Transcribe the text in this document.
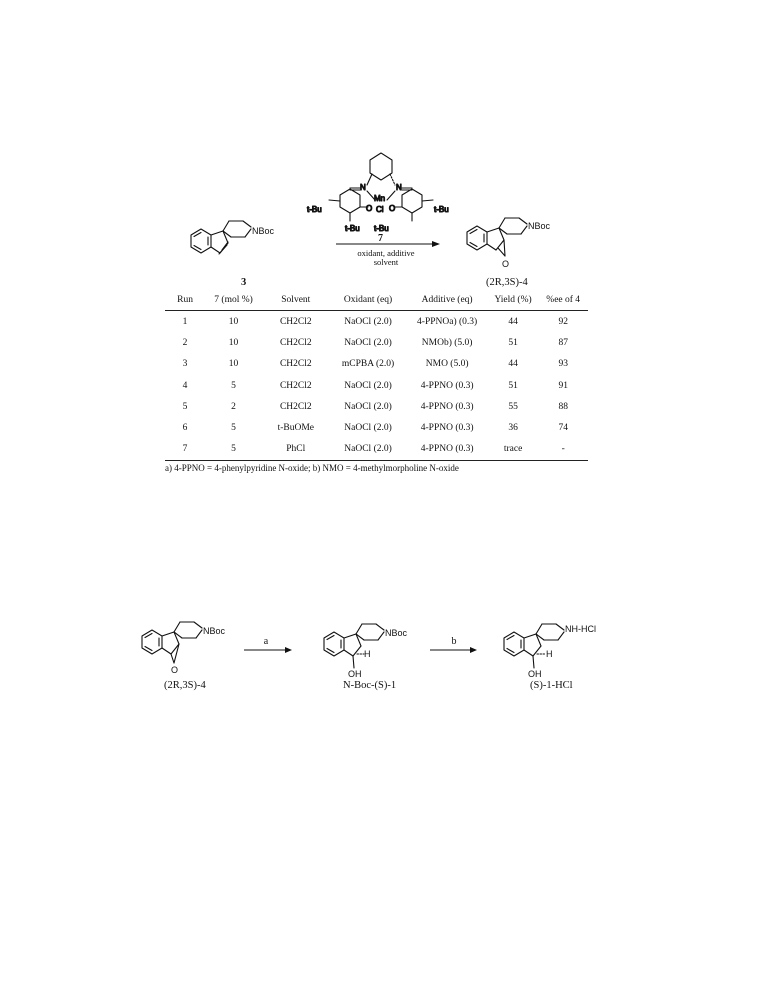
NBoc
N	N
Mn
O Cl O
t-Bu	t-Bu
t-Bu t-Bu
7
oxidant, additive
solvent
NBoc
O
NBoc
O
NBoc
H
OH
NH-HCl
H
OH
a	b
3	(2R,3S)-4
(2R,3S)-4	N-Boc-(S)-1	(S)-1-HCl
Run	7 (mol %)	Solvent	Oxidant (eq)	Additive (eq)	Yield (%)	%ee of 4
1	10	CH2Cl2	NaOCl (2.0)	4-PPNOa) (0.3)	44	92
2	10	CH2Cl2	NaOCl (2.0)	NMOb) (5.0)	51	87
3	10	CH2Cl2	mCPBA (2.0)	NMO (5.0)	44	93
4	5	CH2Cl2	NaOCl (2.0)	4-PPNO (0.3)	51	91
5	2	CH2Cl2	NaOCl (2.0)	4-PPNO (0.3)	55	88
6	5	t-BuOMe	NaOCl (2.0)	4-PPNO (0.3)	36	74
7	5	PhCl	NaOCl (2.0)	4-PPNO (0.3)	trace	-
a) 4-PPNO = 4-phenylpyridine N-oxide; b) NMO = 4-methylmorpholine N-oxide
